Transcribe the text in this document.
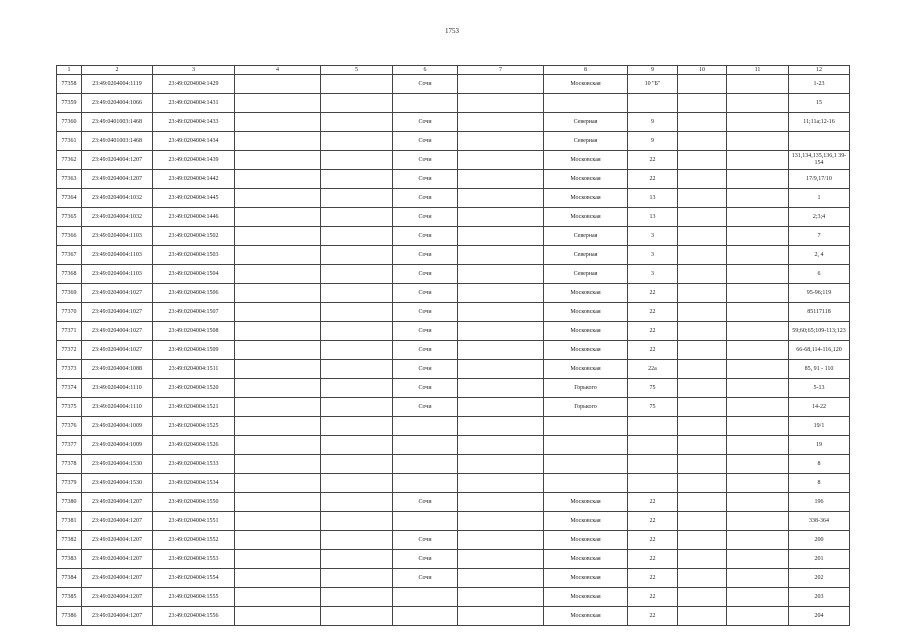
1753
1	2	3	4	5	6	7	8	9	10	11	12
77358	23:49:0204004:1119	23:49:0204004:1429			Сочи		Московская	10 "Б"			1-23
77359	23:49:0204004:1066	23:49:0204004:1431									15
77360	23:49:0401003:1468	23:49:0204004:1433			Сочи		Севериая	9			11;11а;12-16
77361	23:49:0401003:1468	23:49:0204004:1434			Сочи		Севериая	9			
77362	23:49:0204004:1207	23:49:0204004:1439			Сочи		Московская	22			131,134,135,136,1 39-154
77363	23:49:0204004:1207	23:49:0204004:1442			Сочи		Московская	22			17/9,17/10
77364	23:49:0204004:1032	23:49:0204004:1445			Сочи		Московская	13			1
77365	23:49:0204004:1032	23:49:0204004:1446			Сочи		Московская	13			2;3;4
77366	23:49:0204004:1103	23:49:0204004:1502			Сочи		Северная	3			7
77367	23:49:0204004:1103	23:49:0204004:1503			Сочи		Северная	3			2, 4
77368	23:49:0204004:1103	23:49:0204004:1504			Сочи		Северная	3			6
77369	23:49:0204004:1027	23:49:0204004:1506			Сочи		Московская	22			95-96;119
77370	23:49:0204004:1027	23:49:0204004:1507			Сочи		Московская	22			85117118
77371	23:49:0204004:1027	23:49:0204004:1508			Сочи		Московская	22			59;60;65;109-113;123
77372	23:49:0204004:1027	23:49:0204004:1509			Сочи		Московская	22			66-68,114-116,120
77373	23:49:0204004:1088	23:49:0204004:1511			Сочи		Московская	22а			85, 91 - 110
77374	23:49:0204004:1110	23:49:0204004:1520			Сочи		Горького	75			5-13
77375	23:49:0204004:1110	23:49:0204004:1521			Сочи		Горького	75			14-22
77376	23:49:0204004:1009	23:49:0204004:1525									19/1
77377	23:49:0204004:1009	23:49:0204004:1526									19
77378	23:49:0204004:1530	23:49:0204004:1533									8
77379	23:49:0204004:1530	23:49:0204004:1534									8
77380	23:49:0204004:1207	23:49:0204004:1550			Сочи		Московская	22			196
77381	23:49:0204004:1207	23:49:0204004:1551					Московская	22			338-364
77382	23:49:0204004:1207	23:49:0204004:1552			Сочи		Московская	22			200
77383	23:49:0204004:1207	23:49:0204004:1553			Сочи		Московская	22			201
77384	23:49:0204004:1207	23:49:0204004:1554			Сочи		Московская	22			202
77385	23:49:0204004:1207	23:49:0204004:1555					Московская	22			203
77386	23:49:0204004:1207	23:49:0204004:1556					Московская	22			204
